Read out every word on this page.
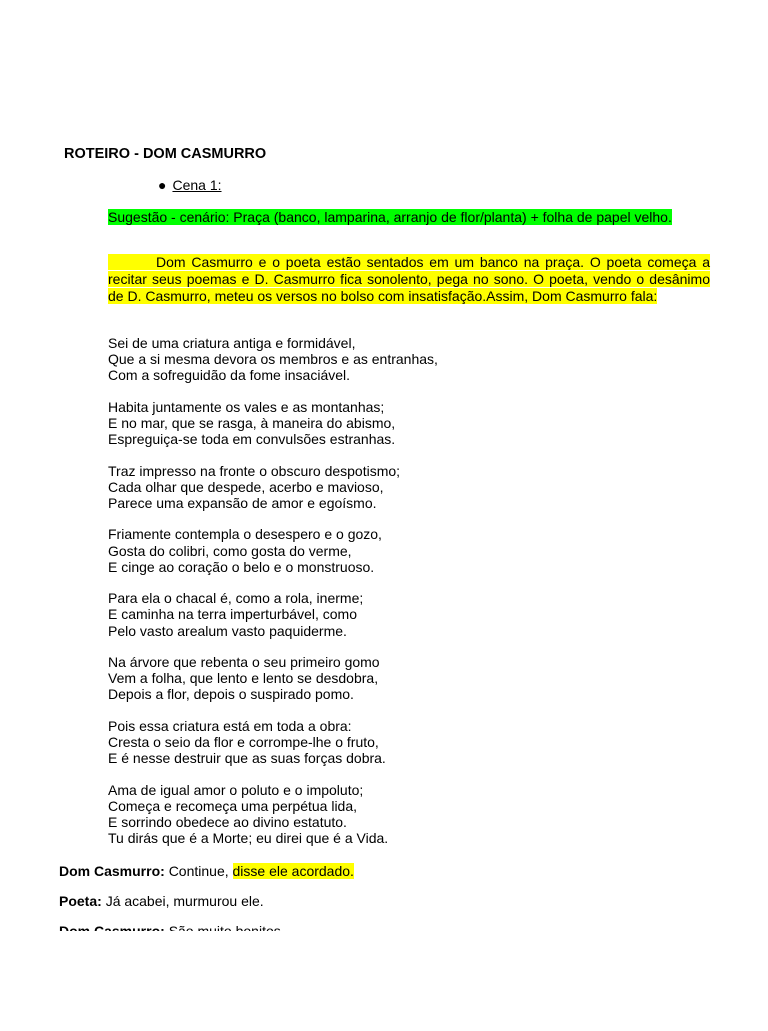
ROTEIRO - DOM CASMURRO
● Cena 1:
Sugestão - cenário: Praça (banco, lamparina, arranjo de flor/planta) + folha de papel velho.
Dom Casmurro e o poeta estão sentados em um banco na praça. O poeta começa a recitar seus poemas e D. Casmurro fica sonolento, pega no sono. O poeta, vendo o desânimo de D. Casmurro, meteu os versos no bolso com insatisfação.Assim, Dom Casmurro fala:
Sei de uma criatura antiga e formidável,
Que a si mesma devora os membros e as entranhas,
Com a sofreguidão da fome insaciável.
Habita juntamente os vales e as montanhas;
E no mar, que se rasga, à maneira do abismo,
Espreguiça-se toda em convulsões estranhas.
Traz impresso na fronte o obscuro despotismo;
Cada olhar que despede, acerbo e mavioso,
Parece uma expansão de amor e egoísmo.
Friamente contempla o desespero e o gozo,
Gosta do colibri, como gosta do verme,
E cinge ao coração o belo e o monstruoso.
Para ela o chacal é, como a rola, inerme;
E caminha na terra imperturbável, como
Pelo vasto arealum vasto paquiderme.
Na árvore que rebenta o seu primeiro gomo
Vem a folha, que lento e lento se desdobra,
Depois a flor, depois o suspirado pomo.
Pois essa criatura está em toda a obra:
Cresta o seio da flor e corrompe-lhe o fruto,
E é nesse destruir que as suas forças dobra.
Ama de igual amor o poluto e o impoluto;
Começa e recomeça uma perpétua lida,
E sorrindo obedece ao divino estatuto.
Tu dirás que é a Morte; eu direi que é a Vida.
Dom Casmurro: Continue, disse ele acordado.
Poeta: Já acabei, murmurou ele.
